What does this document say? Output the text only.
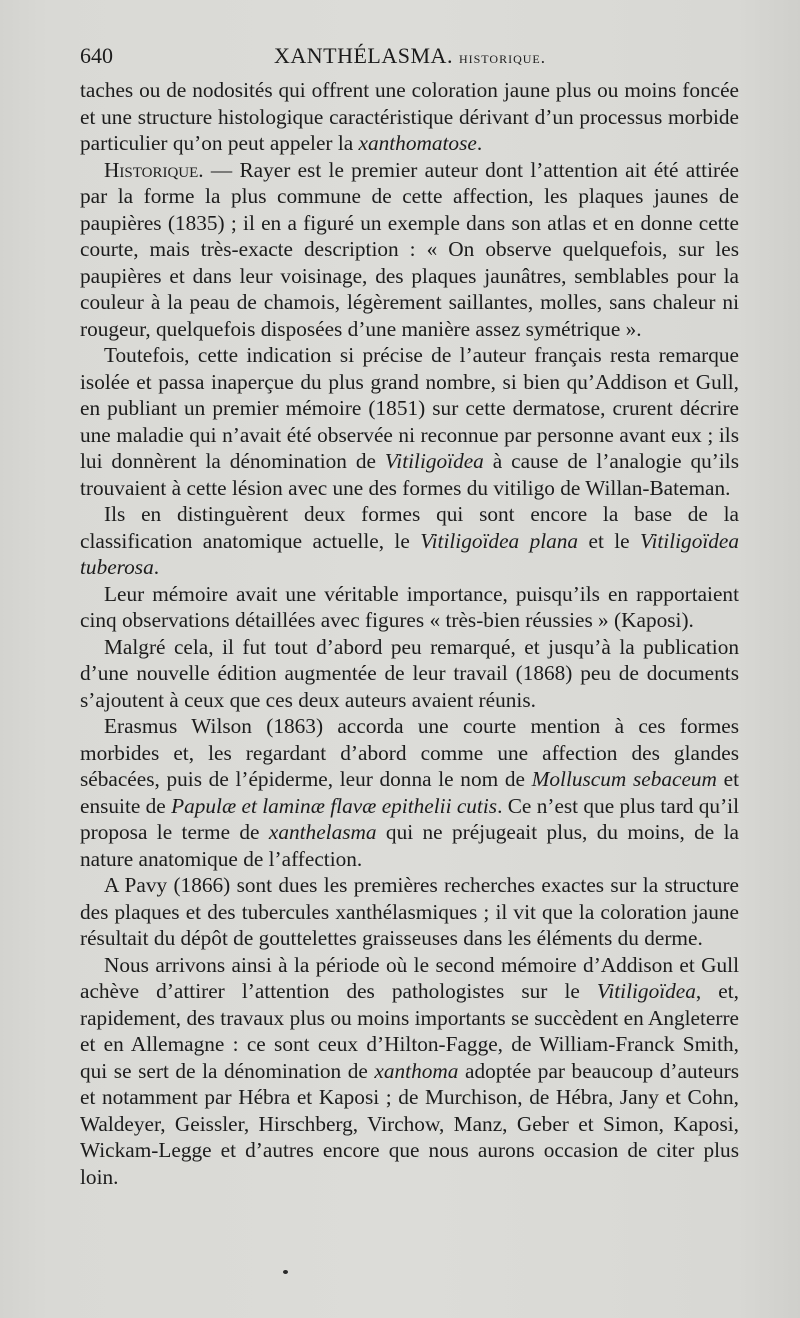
640	XANTHÉLASMA. historique.

taches ou de nodosités qui offrent une coloration jaune plus ou moins foncée et une structure histologique caractéristique dérivant d’un processus morbide particulier qu’on peut appeler la xanthomatose.

Historique. — Rayer est le premier auteur dont l’attention ait été attirée par la forme la plus commune de cette affection, les plaques jaunes de paupières (1835) ; il en a figuré un exemple dans son atlas et en donne cette courte, mais très-exacte description : « On observe quelquefois, sur les paupières et dans leur voisinage, des plaques jaunâtres, semblables pour la couleur à la peau de chamois, légèrement saillantes, molles, sans chaleur ni rougeur, quelquefois disposées d’une manière assez symétrique ».

Toutefois, cette indication si précise de l’auteur français resta remarque isolée et passa inaperçue du plus grand nombre, si bien qu’Addison et Gull, en publiant un premier mémoire (1851) sur cette dermatose, crurent décrire une maladie qui n’avait été observée ni reconnue par personne avant eux ; ils lui donnèrent la dénomination de Vitiligoïdea à cause de l’analogie qu’ils trouvaient à cette lésion avec une des formes du vitiligo de Willan-Bateman.

Ils en distinguèrent deux formes qui sont encore la base de la classification anatomique actuelle, le Vitiligoïdea plana et le Vitiligoïdea tuberosa.

Leur mémoire avait une véritable importance, puisqu’ils en rapportaient cinq observations détaillées avec figures « très-bien réussies » (Kaposi).

Malgré cela, il fut tout d’abord peu remarqué, et jusqu’à la publication d’une nouvelle édition augmentée de leur travail (1868) peu de documents s’ajoutent à ceux que ces deux auteurs avaient réunis.

Erasmus Wilson (1863) accorda une courte mention à ces formes morbides et, les regardant d’abord comme une affection des glandes sébacées, puis de l’épiderme, leur donna le nom de Molluscum sebaceum et ensuite de Papulæ et laminæ flavæ epithelii cutis. Ce n’est que plus tard qu’il proposa le terme de xanthelasma qui ne préjugeait plus, du moins, de la nature anatomique de l’affection.

A Pavy (1866) sont dues les premières recherches exactes sur la structure des plaques et des tubercules xanthélasmiques ; il vit que la coloration jaune résultait du dépôt de gouttelettes graisseuses dans les éléments du derme.

Nous arrivons ainsi à la période où le second mémoire d’Addison et Gull achève d’attirer l’attention des pathologistes sur le Vitiligoïdea, et, rapidement, des travaux plus ou moins importants se succèdent en Angleterre et en Allemagne : ce sont ceux d’Hilton-Fagge, de William-Franck Smith, qui se sert de la dénomination de xanthoma adoptée par beaucoup d’auteurs et notamment par Hébra et Kaposi ; de Murchison, de Hébra, Jany et Cohn, Waldeyer, Geissler, Hirschberg, Virchow, Manz, Geber et Simon, Kaposi, Wickam-Legge et d’autres encore que nous aurons occasion de citer plus loin.
